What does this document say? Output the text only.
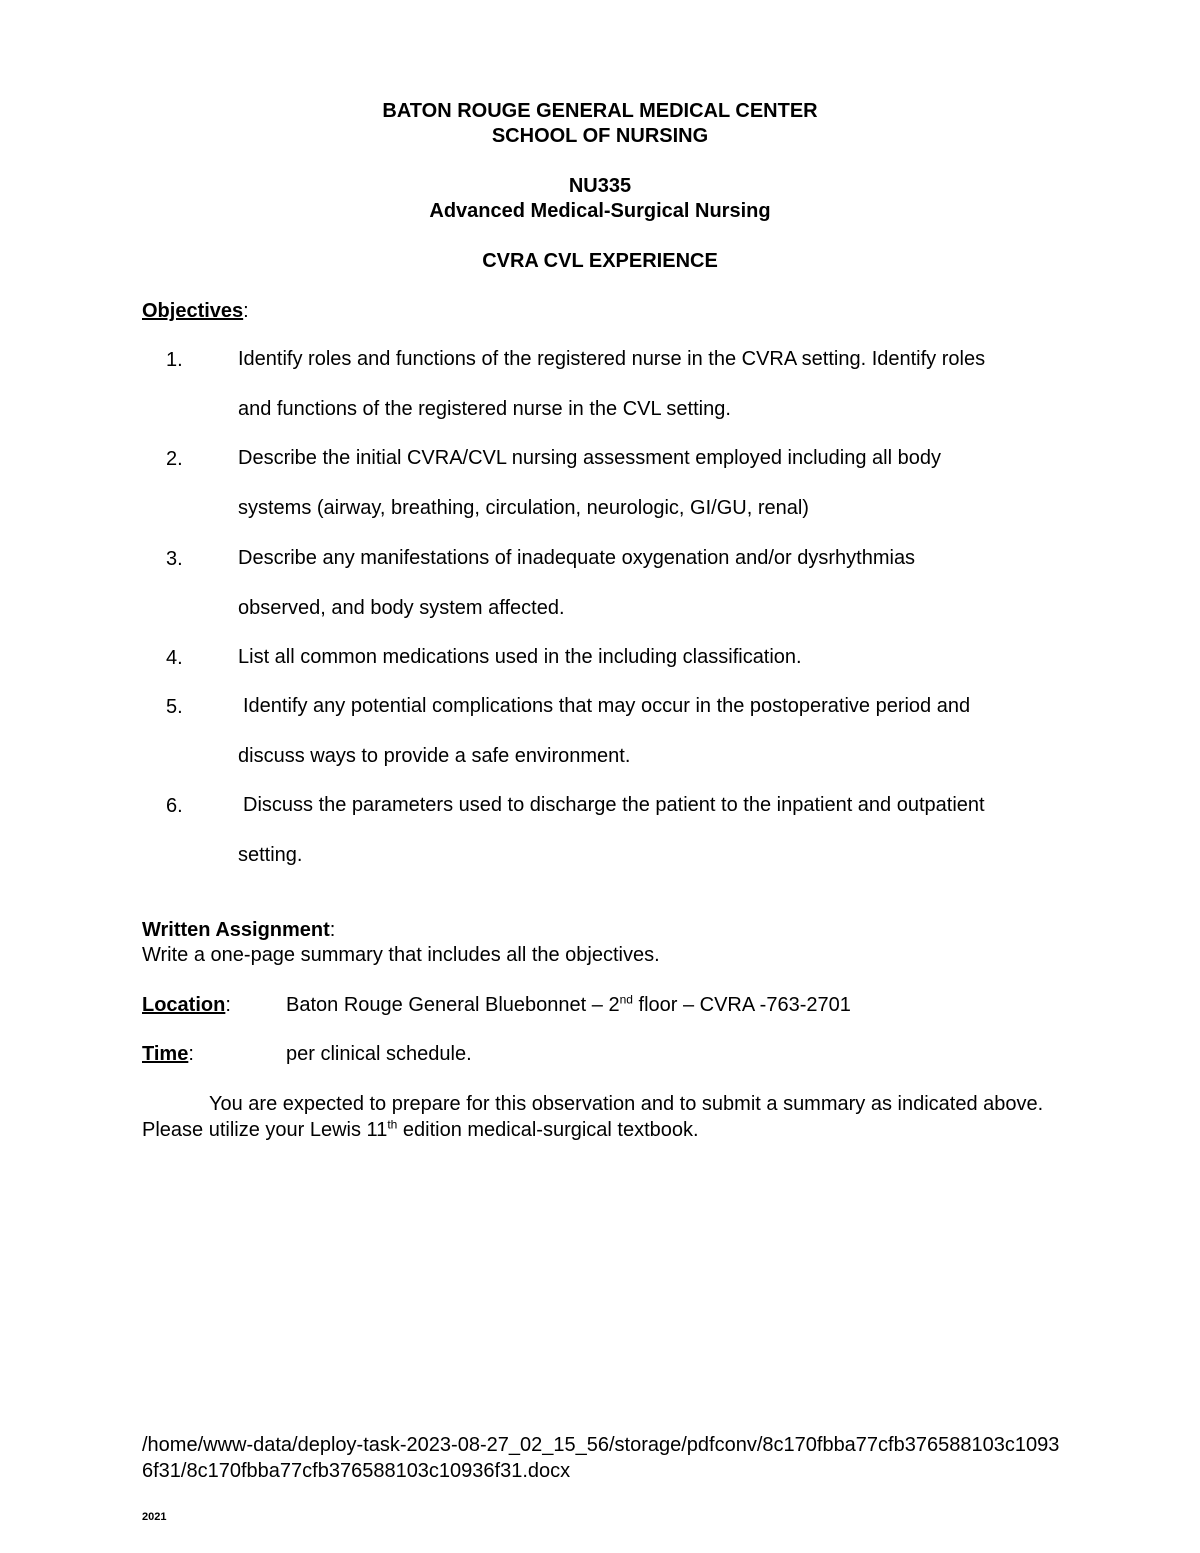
BATON ROUGE GENERAL MEDICAL CENTER
SCHOOL OF NURSING
NU335
Advanced Medical-Surgical Nursing
CVRA CVL EXPERIENCE
Objectives:
1.	Identify roles and functions of the registered nurse in the CVRA setting. Identify roles
and functions of the registered nurse in the CVL setting.
2.	Describe the initial CVRA/CVL nursing assessment employed including all body
systems (airway, breathing, circulation, neurologic, GI/GU, renal)
3.	Describe any manifestations of inadequate oxygenation and/or dysrhythmias
observed, and body system affected.
4.	List all common medications used in the including classification.
5.	Identify any potential complications that may occur in the postoperative period and
discuss ways to provide a safe environment.
6.	Discuss the parameters used to discharge the patient to the inpatient and outpatient
setting.
Written Assignment:
Write a one-page summary that includes all the objectives.
Location:	Baton Rouge General Bluebonnet – 2nd floor – CVRA -763-2701
Time:	per clinical schedule.
You are expected to prepare for this observation and to submit a summary as indicated above. Please utilize your Lewis 11th edition medical-surgical textbook.
/home/www-data/deploy-task-2023-08-27_02_15_56/storage/pdfconv/8c170fbba77cfb376588103c10936f31/8c170fbba77cfb376588103c10936f31.docx
2021
